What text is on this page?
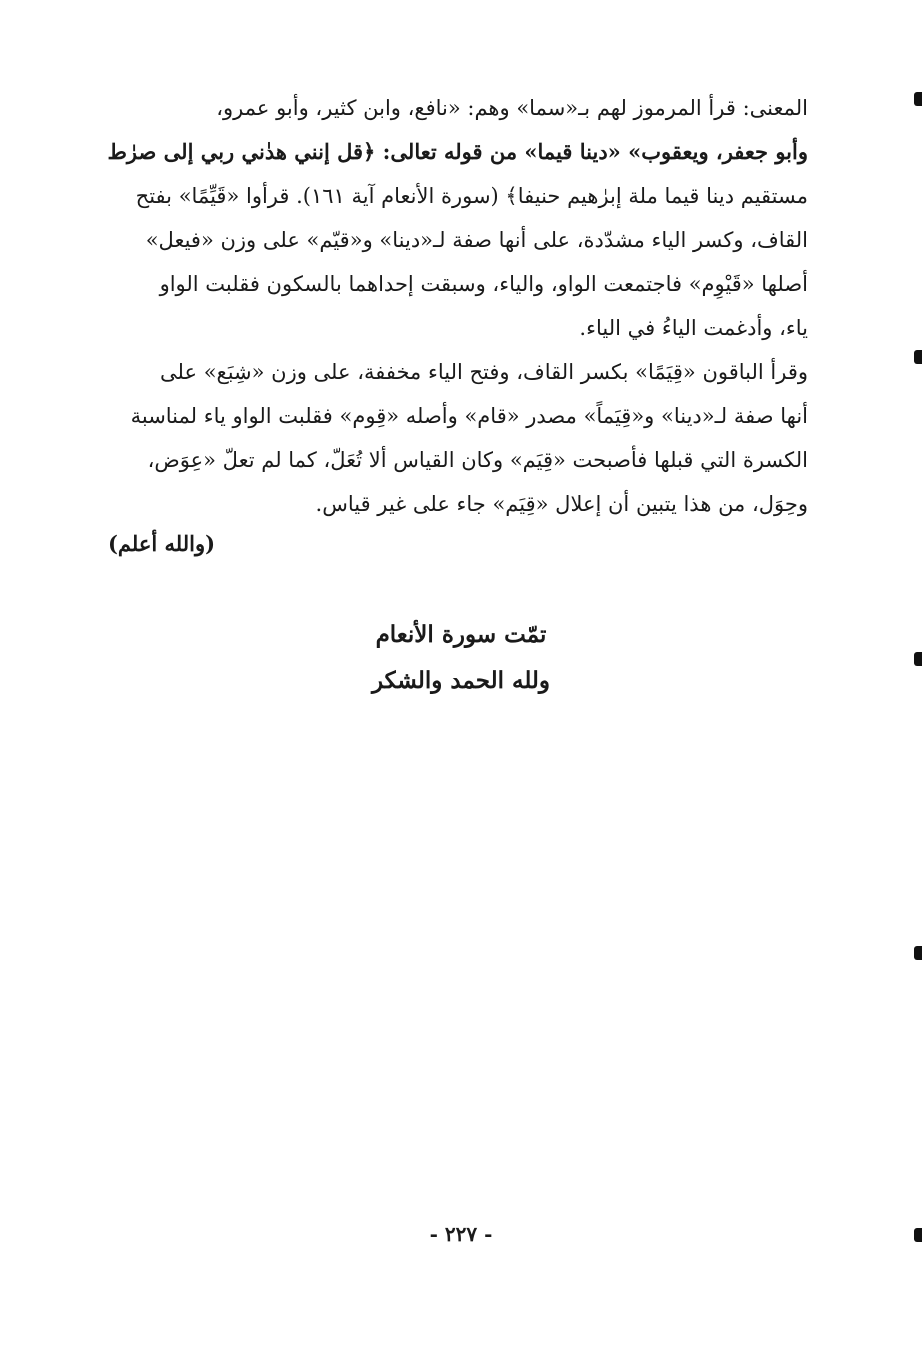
المعنى: قرأ المرموز لهم بـ«سما» وهم: «نافع، وابن كثير، وأبو عمرو،
وأبو جعفر، ويعقوب» «دينا قيما» من قوله تعالى: ﴿قل إنني هدٰني ربي إلى صرٰط
مستقيم دينا قيما ملة إبرٰهيم حنيفا﴾ (سورة الأنعام آية ١٦١). قرأوا «قَيِّمًا» بفتح
القاف، وكسر الياء مشدّدة، على أنها صفة لـ«دينا» و«قيّم» على وزن «فيعل»
أصلها «قَيْوِم» فاجتمعت الواو، والياء، وسبقت إحداهما بالسكون فقلبت الواو
ياء، وأدغمت الياءُ في الياء.
وقرأ الباقون «قِيَمًا» بكسر القاف، وفتح الياء مخففة، على وزن «شِبَع» على
أنها صفة لـ«دينا» و«قِيَماً» مصدر «قام» وأصله «قِوم» فقلبت الواو ياء لمناسبة
الكسرة التي قبلها فأصبحت «قِيَم» وكان القياس ألا تُعَلّ، كما لم تعلّ «عِوَض،
وحِوَل، من هذا يتبين أن إعلال «قِيَم» جاء على غير قياس.
(والله أعلم)
تمّت سورة الأنعام
ولله الحمد والشكر
- ٢٢٧ -
